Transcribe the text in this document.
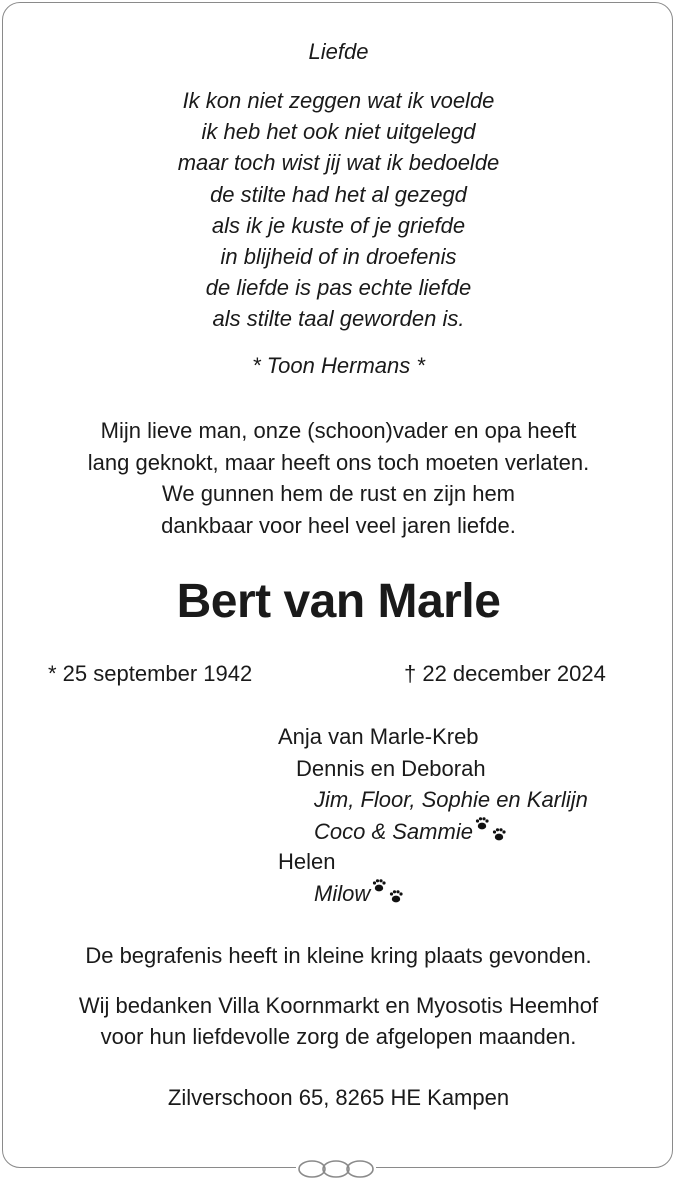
Liefde
Ik kon niet zeggen wat ik voelde
ik heb het ook niet uitgelegd
maar toch wist jij wat ik bedoelde
de stilte had het al gezegd
als ik je kuste of je griefde
in blijheid of in droefenis
de liefde is pas echte liefde
als stilte taal geworden is.
* Toon Hermans *
Mijn lieve man, onze (schoon)vader en opa heeft
lang geknokt, maar heeft ons toch moeten verlaten.
We gunnen hem de rust en zijn hem
dankbaar voor heel veel jaren liefde.
Bert van Marle
* 25 september 1942	† 22 december 2024
Anja van Marle-Kreb
Dennis en Deborah
Jim, Floor, Sophie en Karlijn
Coco & Sammie
Helen
Milow
De begrafenis heeft in kleine kring plaats gevonden.
Wij bedanken Villa Koornmarkt en Myosotis Heemhof
voor hun liefdevolle zorg de afgelopen maanden.
Zilverschoon 65, 8265 HE Kampen
